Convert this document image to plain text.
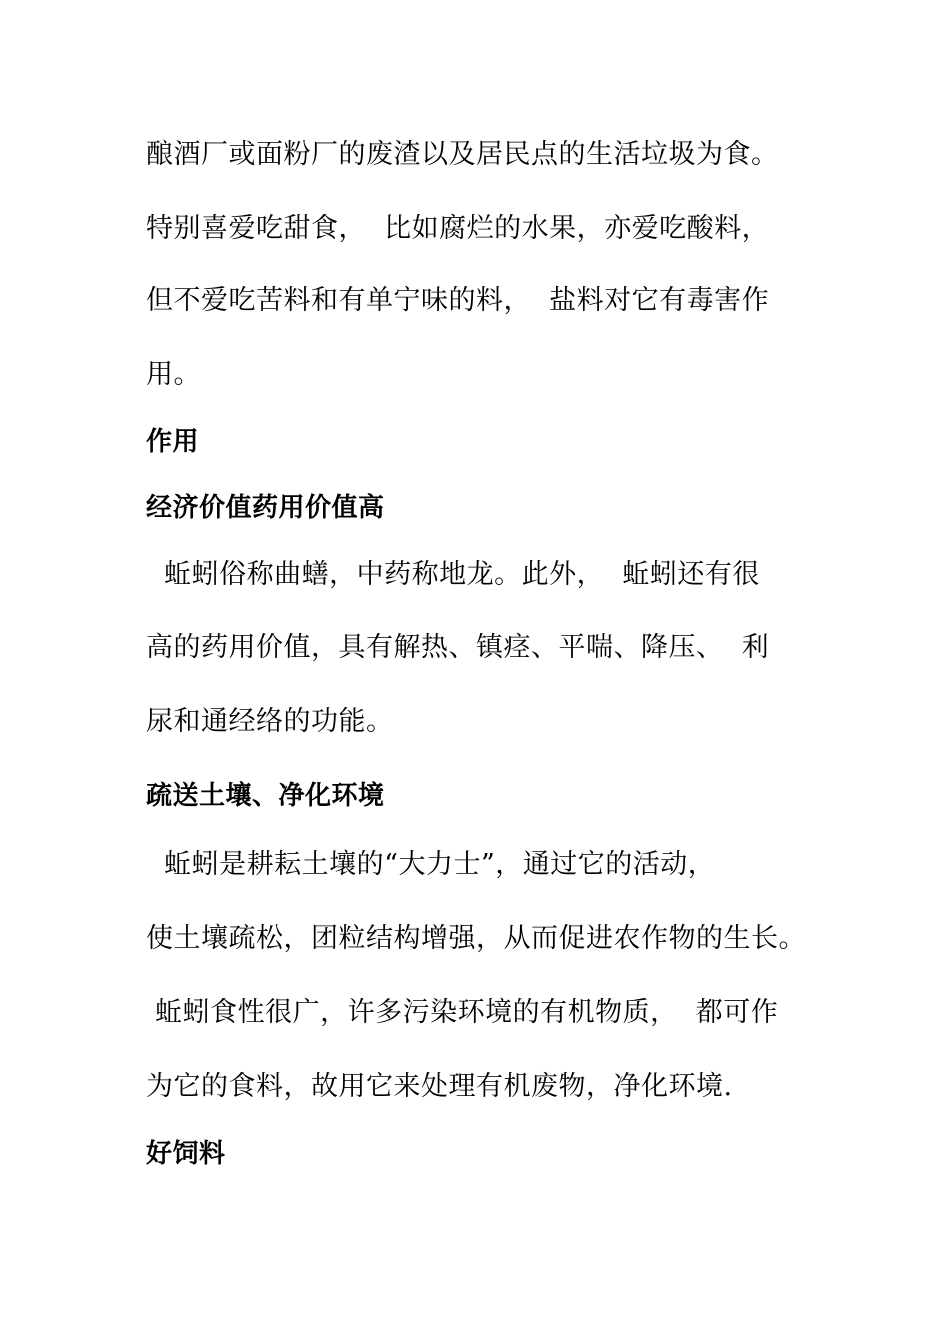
酿酒厂或面粉厂的废渣以及居民点的生活垃圾为食。
特别喜爱吃甜食，  比如腐烂的水果，亦爱吃酸料，
但不爱吃苦料和有单宁味的料，  盐料对它有毒害作
用。
作用
经济价值药用价值高
蚯蚓俗称曲蟮，中药称地龙。此外，  蚯蚓还有很
高的药用价值，具有解热、镇痉、平喘、降压、  利
尿和通经络的功能。
疏送土壤、净化环境
蚯蚓是耕耘土壤的“大力士”，通过它的活动，
使土壤疏松，团粒结构增强，从而促进农作物的生长。
蚯蚓食性很广，许多污染环境的有机物质，  都可作
为它的食料，故用它来处理有机废物，净化环境.
好饲料
